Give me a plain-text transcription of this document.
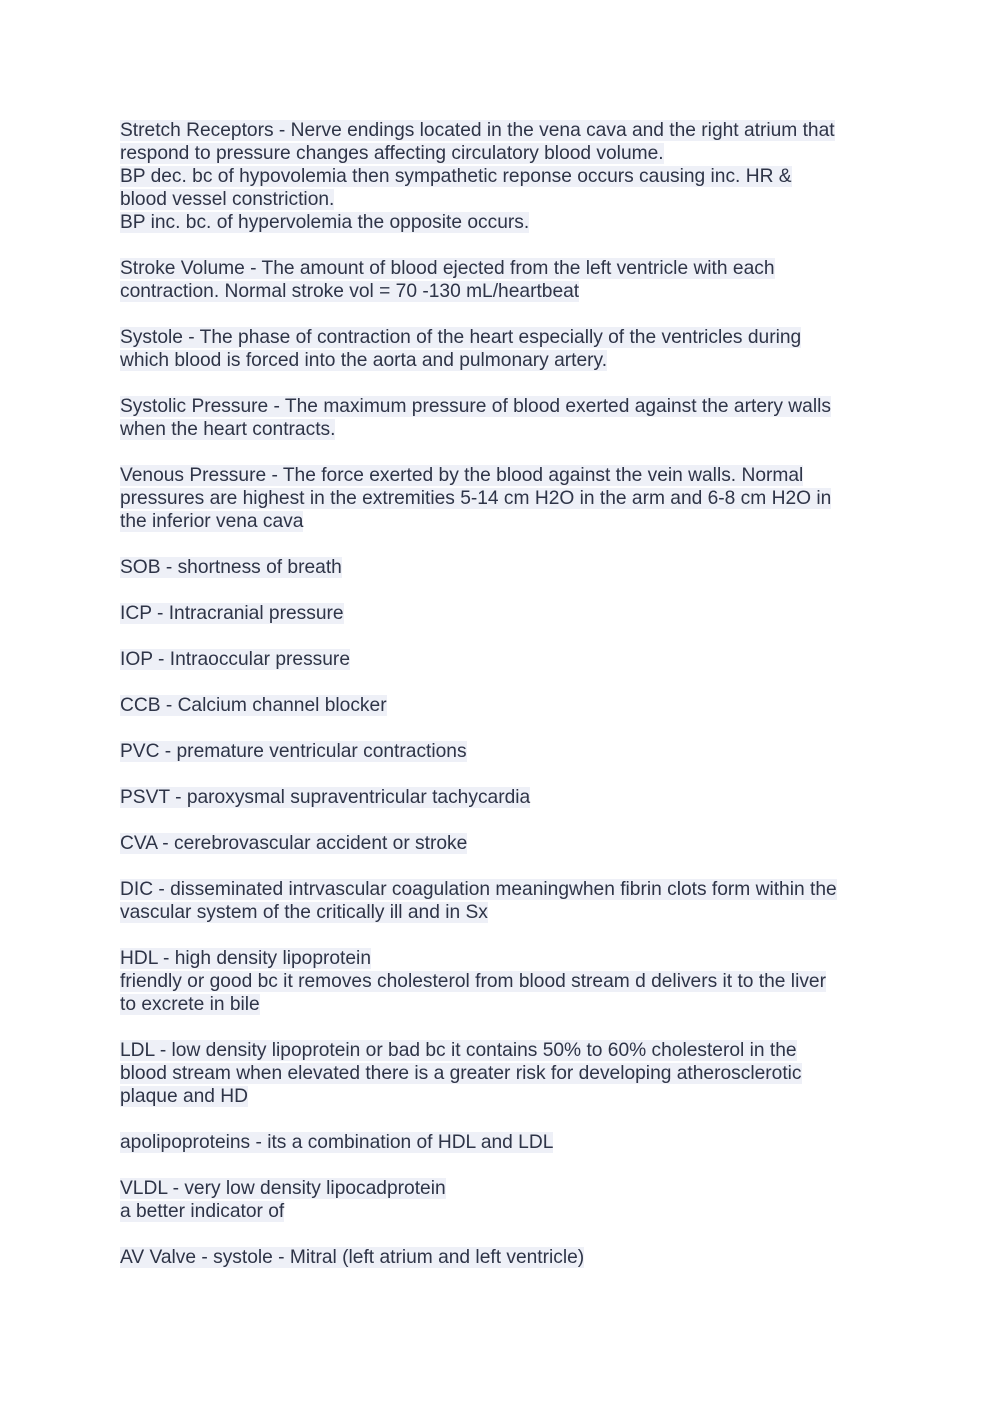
Stretch Receptors - Nerve endings located in the vena cava and the right atrium that
respond to pressure changes affecting circulatory blood volume.
BP dec. bc of hypovolemia then sympathetic reponse occurs causing inc. HR &
blood vessel constriction.
BP inc. bc. of hypervolemia the opposite occurs.
Stroke Volume - The amount of blood ejected from the left ventricle with each
contraction. Normal stroke vol = 70 -130 mL/heartbeat
Systole - The phase of contraction of the heart especially of the ventricles during
which blood is forced into the aorta and pulmonary artery.
Systolic Pressure - The maximum pressure of blood exerted against the artery walls
when the heart contracts.
Venous Pressure - The force exerted by the blood against the vein walls. Normal
pressures are highest in the extremities 5-14 cm H2O in the arm and 6-8 cm H2O in
the inferior vena cava
SOB - shortness of breath
ICP - Intracranial pressure
IOP - Intraoccular pressure
CCB - Calcium channel blocker
PVC - premature ventricular contractions
PSVT - paroxysmal supraventricular tachycardia
CVA - cerebrovascular accident or stroke
DIC - disseminated intrvascular coagulation meaningwhen fibrin clots form within the
vascular system of the critically ill and in Sx
HDL - high density lipoprotein
friendly or good bc it removes cholesterol from blood stream d delivers it to the liver
to excrete in bile
LDL - low density lipoprotein or bad bc it contains 50% to 60% cholesterol in the
blood stream when elevated there is a greater risk for developing atherosclerotic
plaque and HD
apolipoproteins - its a combination of HDL and LDL
VLDL - very low density lipocadprotein
a better indicator of
AV Valve - systole - Mitral (left atrium and left ventricle)
